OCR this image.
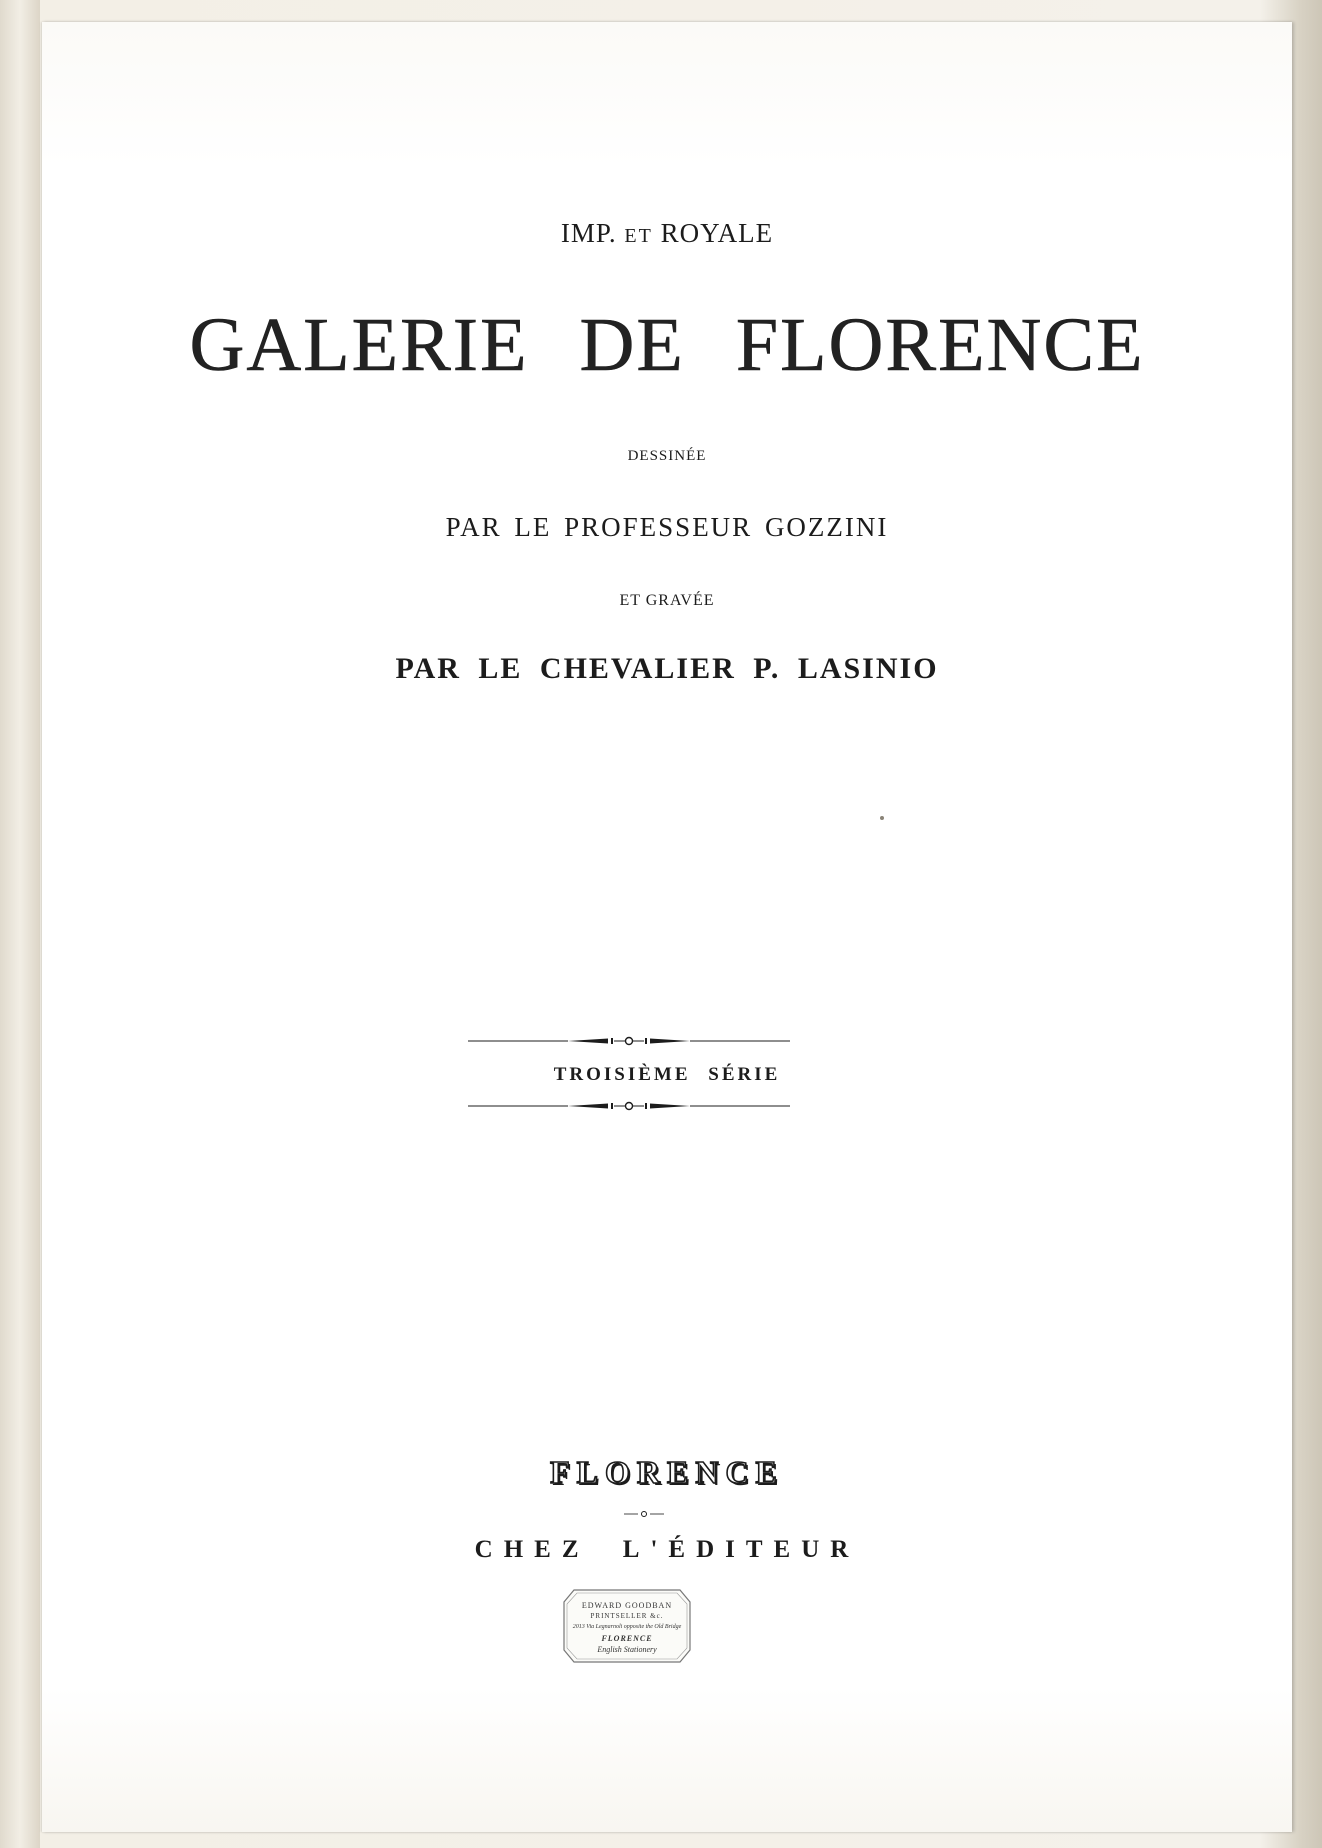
IMP. ET ROYALE
GALERIE DE FLORENCE
DESSINÉE
PAR LE PROFESSEUR GOZZINI
ET GRAVÉE
PAR LE CHEVALIER P. LASINIO
TROISIÈME SÉRIE
FLORENCE
CHEZ L'ÉDITEUR
EDWARD GOODBAN
PRINTSELLER &c.
2013 Via Legnarnoli opposite the Old Bridge
FLORENCE
English Stationery
